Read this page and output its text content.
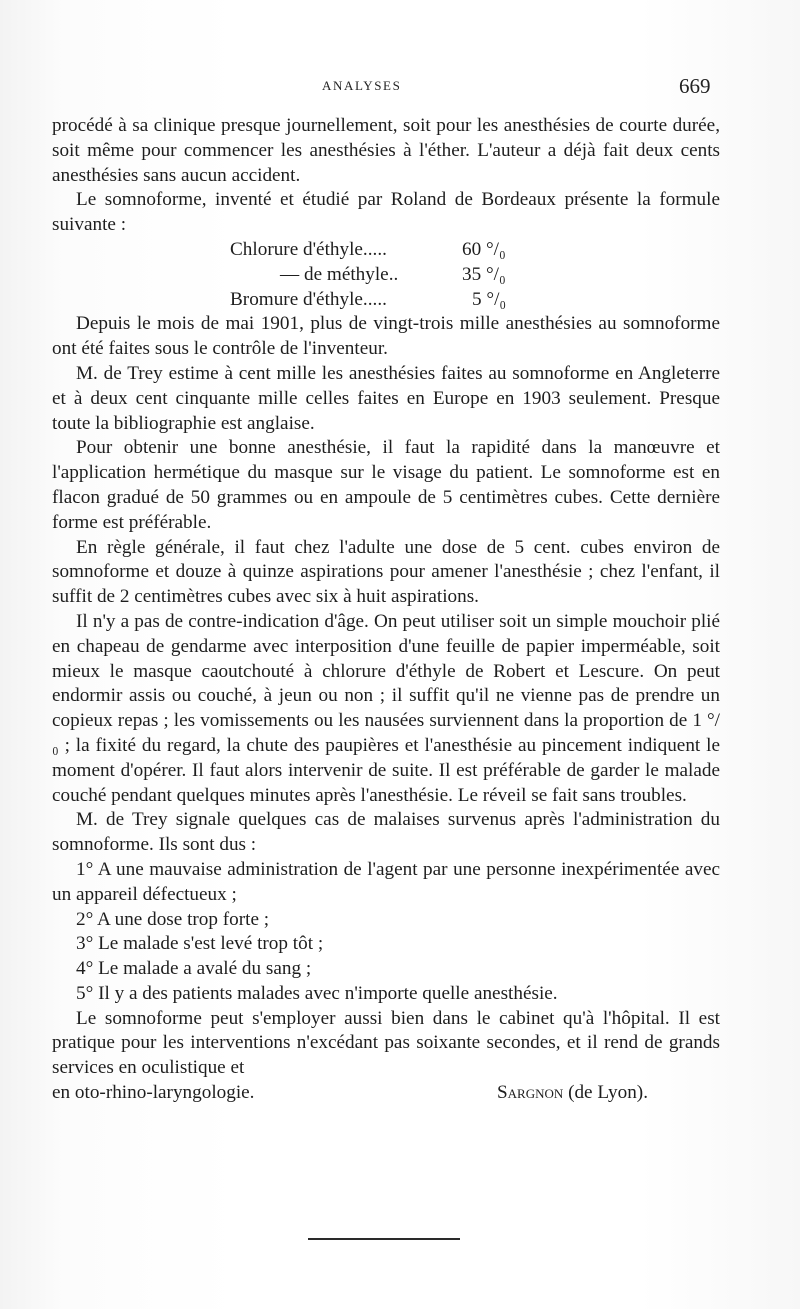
ANALYSES	669

procédé à sa clinique presque journellement, soit pour les anesthésies de courte durée, soit même pour commencer les anesthésies à l'éther. L'auteur a déjà fait deux cents anesthésies sans aucun accident.

Le somnoforme, inventé et étudié par Roland de Bordeaux présente la formule suivante :

Chlorure d'éthyle.....	60 °/₀
— de méthyle..	35 °/₀
Bromure d'éthyle.....	5 °/₀

Depuis le mois de mai 1901, plus de vingt-trois mille anesthésies au somnoforme ont été faites sous le contrôle de l'inventeur.

M. de Trey estime à cent mille les anesthésies faites au somnoforme en Angleterre et à deux cent cinquante mille celles faites en Europe en 1903 seulement. Presque toute la bibliographie est anglaise.

Pour obtenir une bonne anesthésie, il faut la rapidité dans la manœuvre et l'application hermétique du masque sur le visage du patient. Le somnoforme est en flacon gradué de 50 grammes ou en ampoule de 5 centimètres cubes. Cette dernière forme est préférable.

En règle générale, il faut chez l'adulte une dose de 5 cent. cubes environ de somnoforme et douze à quinze aspirations pour amener l'anesthésie ; chez l'enfant, il suffit de 2 centimètres cubes avec six à huit aspirations.

Il n'y a pas de contre-indication d'âge. On peut utiliser soit un simple mouchoir plié en chapeau de gendarme avec interposition d'une feuille de papier imperméable, soit mieux le masque caoutchouté à chlorure d'éthyle de Robert et Lescure. On peut endormir assis ou couché, à jeun ou non ; il suffit qu'il ne vienne pas de prendre un copieux repas ; les vomissements ou les nausées surviennent dans la proportion de 1 °/₀ ; la fixité du regard, la chute des paupières et l'anesthésie au pincement indiquent le moment d'opérer. Il faut alors intervenir de suite. Il est préférable de garder le malade couché pendant quelques minutes après l'anesthésie. Le réveil se fait sans troubles.

M. de Trey signale quelques cas de malaises survenus après l'administration du somnoforme. Ils sont dus :

1° A une mauvaise administration de l'agent par une personne inexpérimentée avec un appareil défectueux ;

2° A une dose trop forte ;

3° Le malade s'est levé trop tôt ;

4° Le malade a avalé du sang ;

5° Il y a des patients malades avec n'importe quelle anesthésie.

Le somnoforme peut s'employer aussi bien dans le cabinet qu'à l'hôpital. Il est pratique pour les interventions n'excédant pas soixante secondes, et il rend de grands services en oculistique et

en oto-rhino-laryngologie.	Sargnon (de Lyon).
